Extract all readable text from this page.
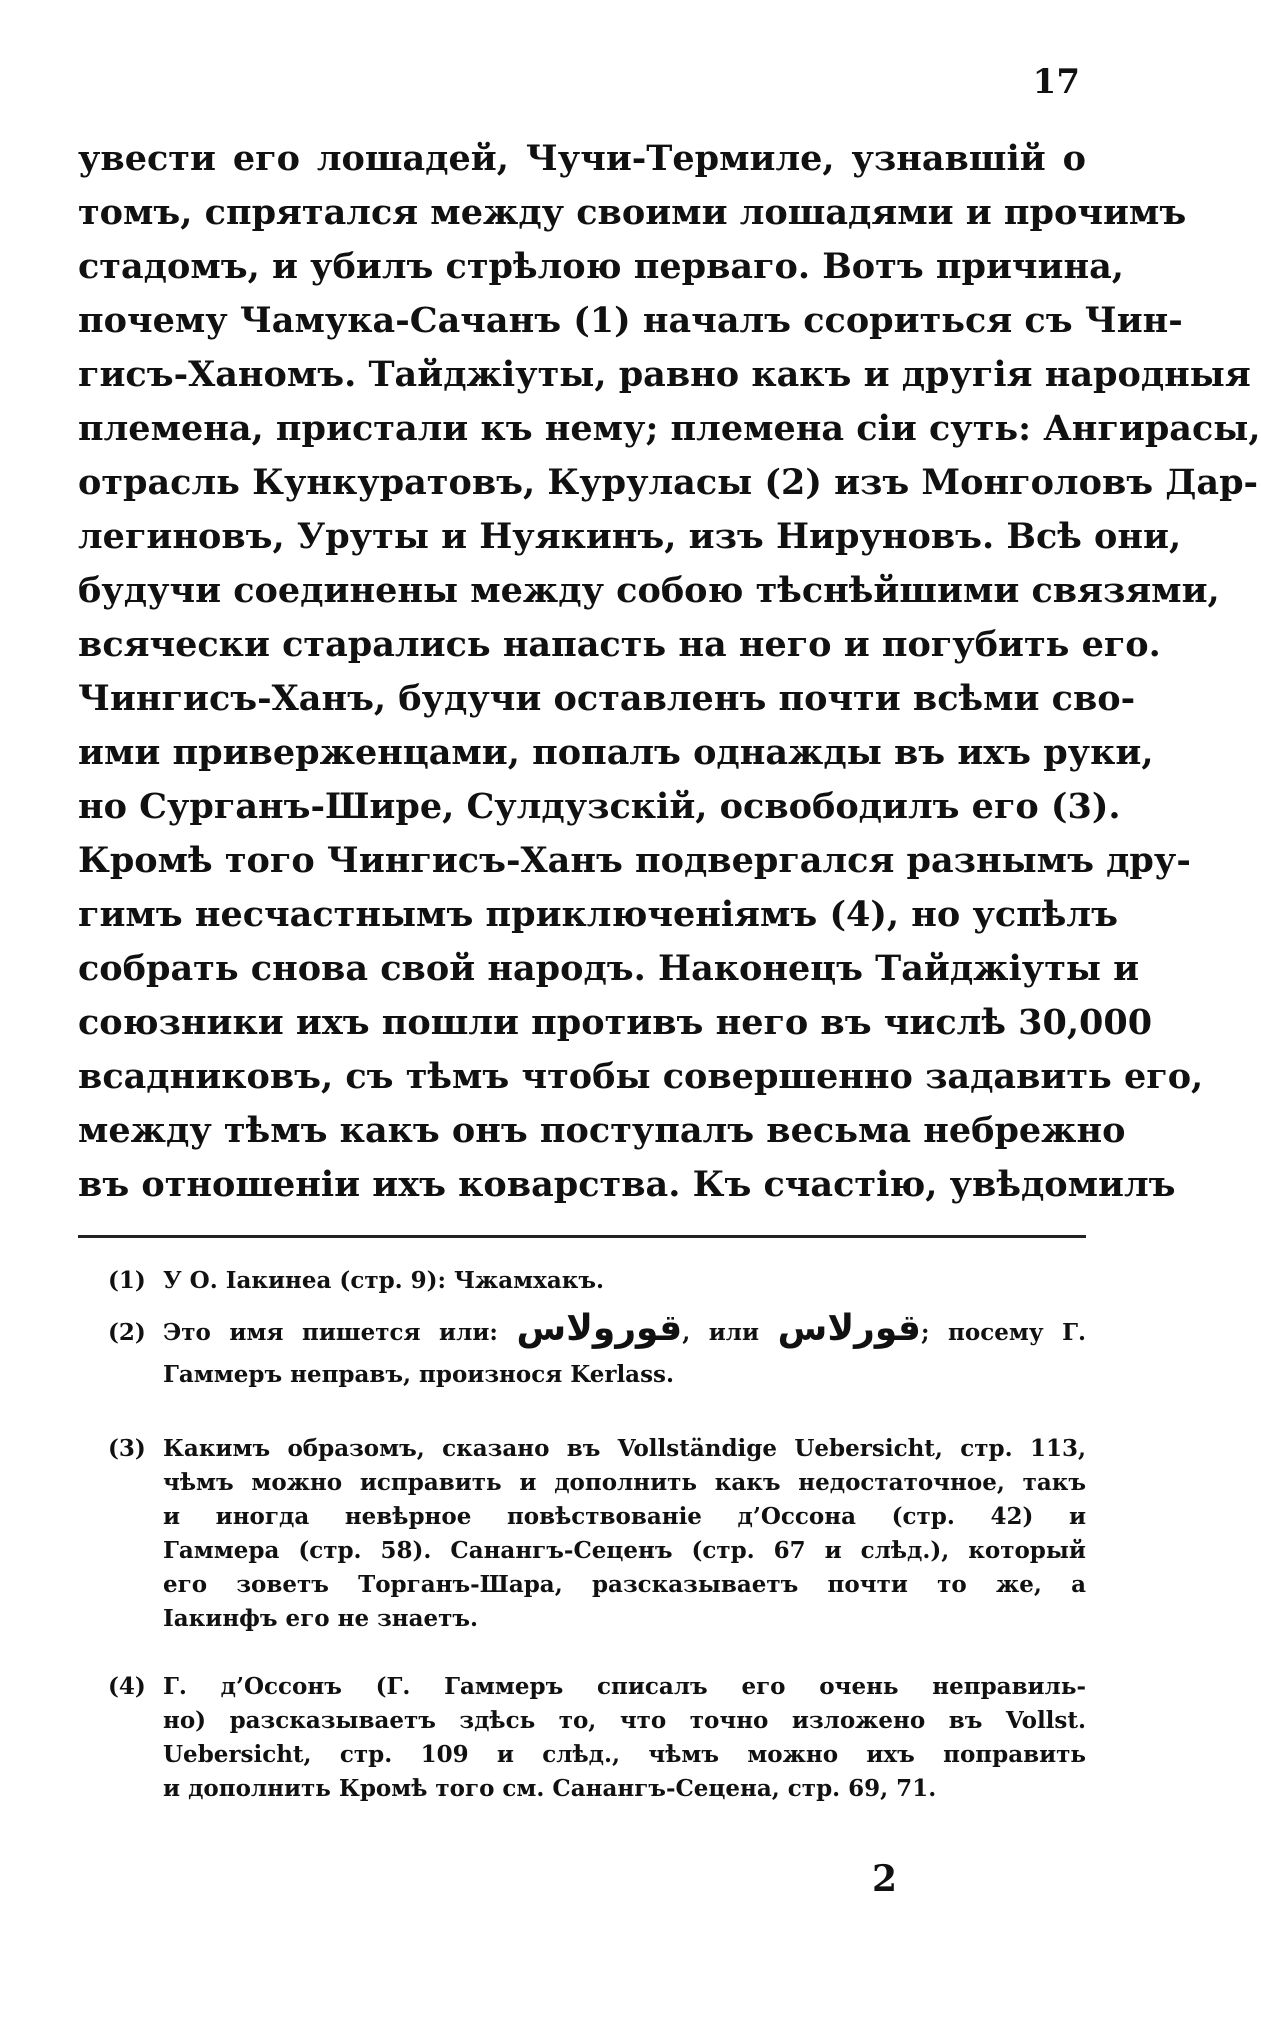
17
увести его лошадей, Чучи-Термиле, узнавшій о
томъ, спрятался между своими лошадями и прочимъ
стадомъ, и убилъ стрѣлою перваго. Вотъ причина,
почему Чамука-Сачанъ (1) началъ ссориться съ Чин-
гисъ-Ханомъ. Тайджіуты, равно какъ и другія народныя
племена, пристали къ нему; племена сіи суть: Ангирасы,
отрасль Кункуратовъ, Куруласы (2) изъ Монголовъ Дар-
легиновъ, Уруты и Нуякинъ, изъ Нируновъ. Всѣ они,
будучи соединены между собою тѣснѣйшими связями,
всячески старались напасть на него и погубить его.
Чингисъ-Ханъ, будучи оставленъ почти всѣми сво-
ими приверженцами, попалъ однажды въ ихъ руки,
но Сурганъ-Шире, Сулдузскій, освободилъ его (3).
Кромѣ того Чингисъ-Ханъ подвергался разнымъ дру-
гимъ несчастнымъ приключеніямъ (4), но успѣлъ
собрать снова свой народъ. Наконецъ Тайджіуты и
союзники ихъ пошли противъ него въ числѣ 30,000
всадниковъ, съ тѣмъ чтобы совершенно задавить его,
между тѣмъ какъ онъ поступалъ весьма небрежно
въ отношеніи ихъ коварства. Къ счастію, увѣдомилъ
(1) У О. Іакинеа (стр. 9): Чжамхакъ.
(2) Это имя пишется или: قورولاس, или قورلاس; посему Г.
Гаммеръ неправъ, произнося Kerlass.
(3) Какимъ образомъ, сказано въ Vollständige Uebersicht, стр. 113,
чѣмъ можно исправить и дополнить какъ недостаточное, такъ
и иногда невѣрное повѣствованіе д’Оссона (стр. 42) и
Гаммера (стр. 58). Санангъ-Сеценъ (стр. 67 и слѣд.), который
его зоветъ Торганъ-Шара, разсказываетъ почти то же, а
Іакинфъ его не знаетъ.
(4) Г. д’Оссонъ (Г. Гаммеръ списалъ его очень неправиль-
но) разсказываетъ здѣсь то, что точно изложено въ Vollst.
Uebersicht, стр. 109 и слѣд., чѣмъ можно ихъ поправить
и дополнить Кромѣ того см. Санангъ-Сецена, стр. 69, 71.
2
